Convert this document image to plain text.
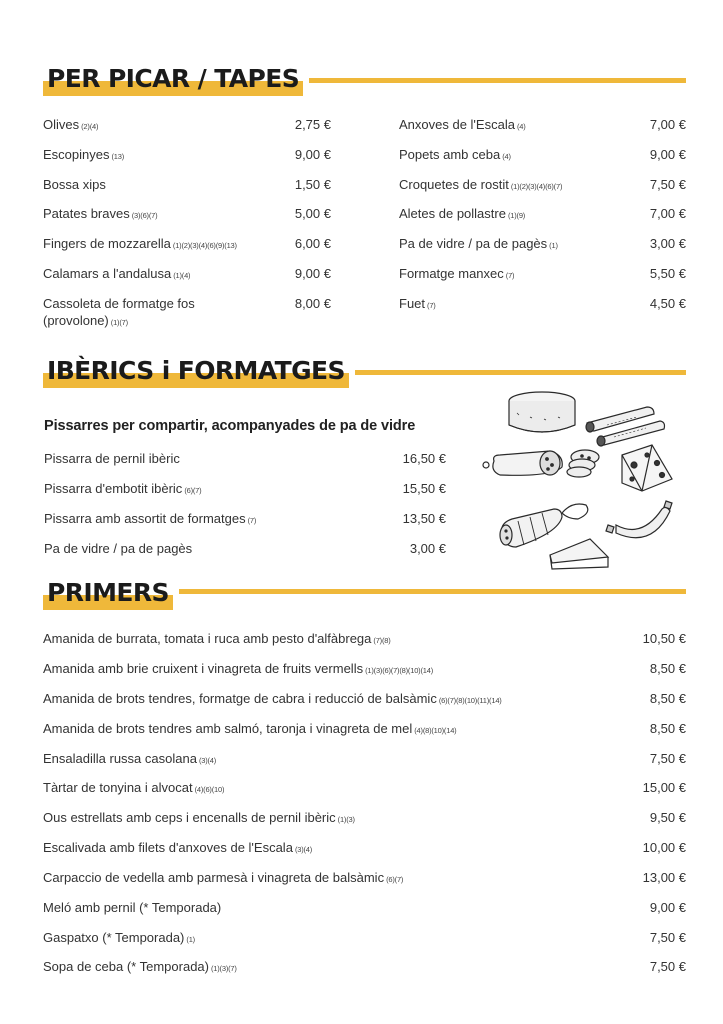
PER PICAR / TAPES
Olives (2)(4)	2,75 €
Escopinyes (13)	9,00 €
Bossa xips	1,50 €
Patates braves (3)(6)(7)	5,00 €
Fingers de mozzarella (1)(2)(3)(4)(6)(9)(13)	6,00 €
Calamars a l'andalusa (1)(4)	9,00 €
Cassoleta de formatge fos
(provolone) (1)(7)
8,00 €
Anxoves de l'Escala (4)	7,00 €
Popets amb ceba (4)	9,00 €
Croquetes de rostit (1)(2)(3)(4)(6)(7)	7,50 €
Aletes de pollastre (1)(9)	7,00 €
Pa de vidre / pa de pagès (1)	3,00 €
Formatge manxec (7)	5,50 €
Fuet (7)	4,50 €
IBÈRICS i FORMATGES
Pissarres per compartir, acompanyades de pa de vidre
Pissarra de pernil ibèric	16,50 €
Pissarra d'embotit ibèric (6)(7)	15,50 €
Pissarra amb assortit de formatges (7)	13,50 €
Pa de vidre / pa de pagès	3,00 €
PRIMERS
Amanida de burrata, tomata i ruca amb pesto d'alfàbrega (7)(8)	10,50 €
Amanida amb brie cruixent i vinagreta de fruits vermells (1)(3)(6)(7)(8)(10)(14)	8,50 €
Amanida de brots tendres, formatge de cabra i reducció de balsàmic (6)(7)(8)(10)(11)(14)	8,50 €
Amanida de brots tendres amb salmó, taronja i vinagreta de mel (4)(8)(10)(14)	8,50 €
Ensaladilla russa casolana (3)(4)	7,50 €
Tàrtar de tonyina i alvocat (4)(6)(10)	15,00 €
Ous estrellats amb ceps i encenalls de pernil ibèric (1)(3)	9,50 €
Escalivada amb filets d'anxoves de l'Escala (3)(4)	10,00 €
Carpaccio de vedella amb parmesà i vinagreta de balsàmic (6)(7)	13,00 €
Meló amb pernil (* Temporada)	9,00 €
Gaspatxo (* Temporada) (1)	7,50 €
Sopa de ceba (* Temporada) (1)(3)(7)	7,50 €
